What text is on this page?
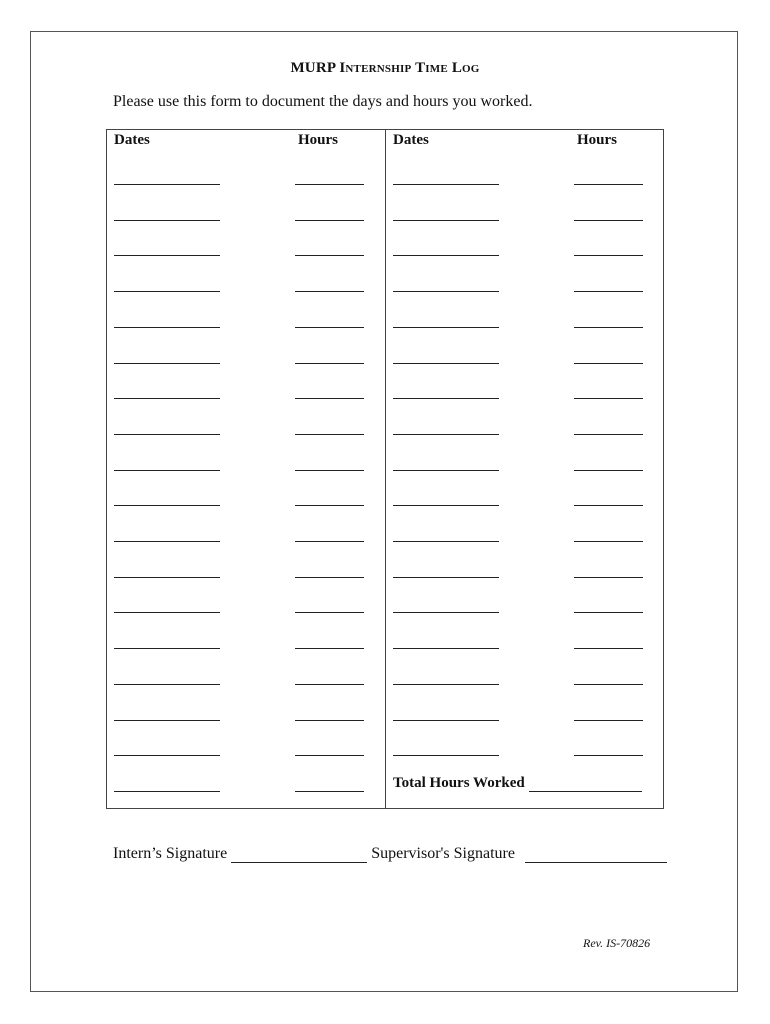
MURP Internship Time Log
Please use this form to document the days and hours you worked.
Dates	Hours	Dates	Hours
Total Hours Worked
Intern’s Signature	Supervisor's Signature
Rev. IS-70826
